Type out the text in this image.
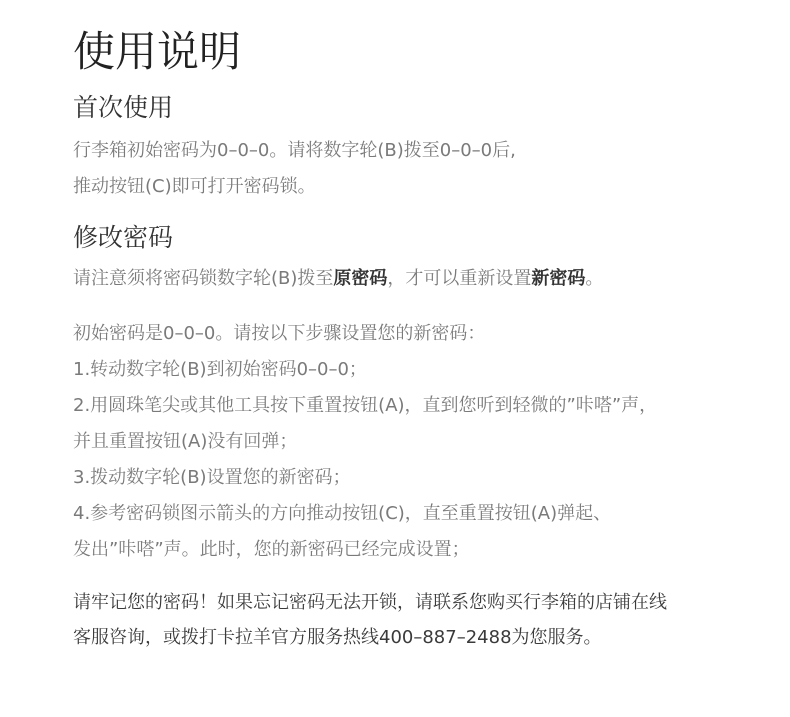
使用说明
首次使用

行李箱初始密码为0–0–0。请将数字轮(B)拨至0–0–0后,

推动按钮(C)即可打开密码锁。

修改密码

请注意须将密码锁数字轮(B)拨至原密码，才可以重新设置新密码。

初始密码是0–0–0。请按以下步骤设置您的新密码：

1.转动数字轮(B)到初始密码0–0–0；

2.用圆珠笔尖或其他工具按下重置按钮(A)，直到您听到轻微的”咔嗒”声，

并且重置按钮(A)没有回弹；

3.拨动数字轮(B)设置您的新密码；

4.参考密码锁图示箭头的方向推动按钮(C)，直至重置按钮(A)弹起、

发出”咔嗒”声。此时，您的新密码已经完成设置；

请牢记您的密码！如果忘记密码无法开锁，请联系您购买行李箱的店铺在线

客服咨询，或拨打卡拉羊官方服务热线400–887–2488为您服务。
